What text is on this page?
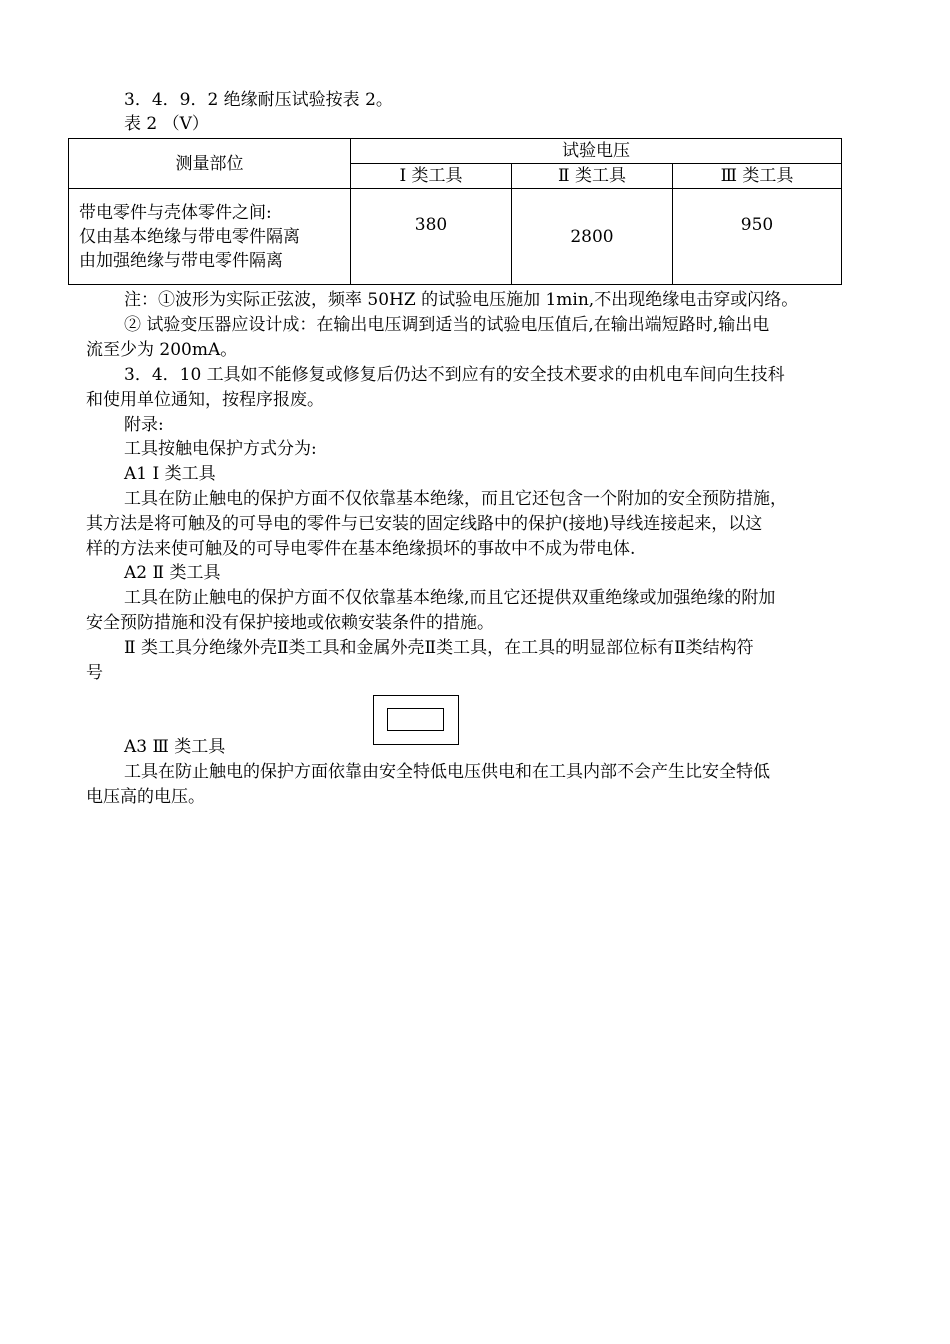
3．4．9．2 绝缘耐压试验按表 2。
表 2 （V）
测量部位	试验电压		
	Ⅰ 类工具	Ⅱ 类工具	Ⅲ 类工具

带电零件与壳体零件之间:
仅由基本绝缘与带电零件隔离
由加强绝缘与带电零件隔离	380	2800	950
注：①波形为实际正弦波，频率 50HZ 的试验电压施加 1min,不出现绝缘电击穿或闪络。
② 试验变压器应设计成：在输出电压调到适当的试验电压值后,在输出端短路时,输出电
流至少为 200mA。
3．4．10 工具如不能修复或修复后仍达不到应有的安全技术要求的由机电车间向生技科
和使用单位通知，按程序报废。
附录:
工具按触电保护方式分为:
A1 Ⅰ 类工具
工具在防止触电的保护方面不仅依靠基本绝缘，而且它还包含一个附加的安全预防措施，
其方法是将可触及的可导电的零件与已安装的固定线路中的保护(接地)导线连接起来，以这
样的方法来使可触及的可导电零件在基本绝缘损坏的事故中不成为带电体.
A2 Ⅱ 类工具
工具在防止触电的保护方面不仅依靠基本绝缘,而且它还提供双重绝缘或加强绝缘的附加
安全预防措施和没有保护接地或依赖安装条件的措施。
Ⅱ 类工具分绝缘外壳Ⅱ类工具和金属外壳Ⅱ类工具，在工具的明显部位标有Ⅱ类结构符
号
A3 Ⅲ 类工具
工具在防止触电的保护方面依靠由安全特低电压供电和在工具内部不会产生比安全特低
电压高的电压。
